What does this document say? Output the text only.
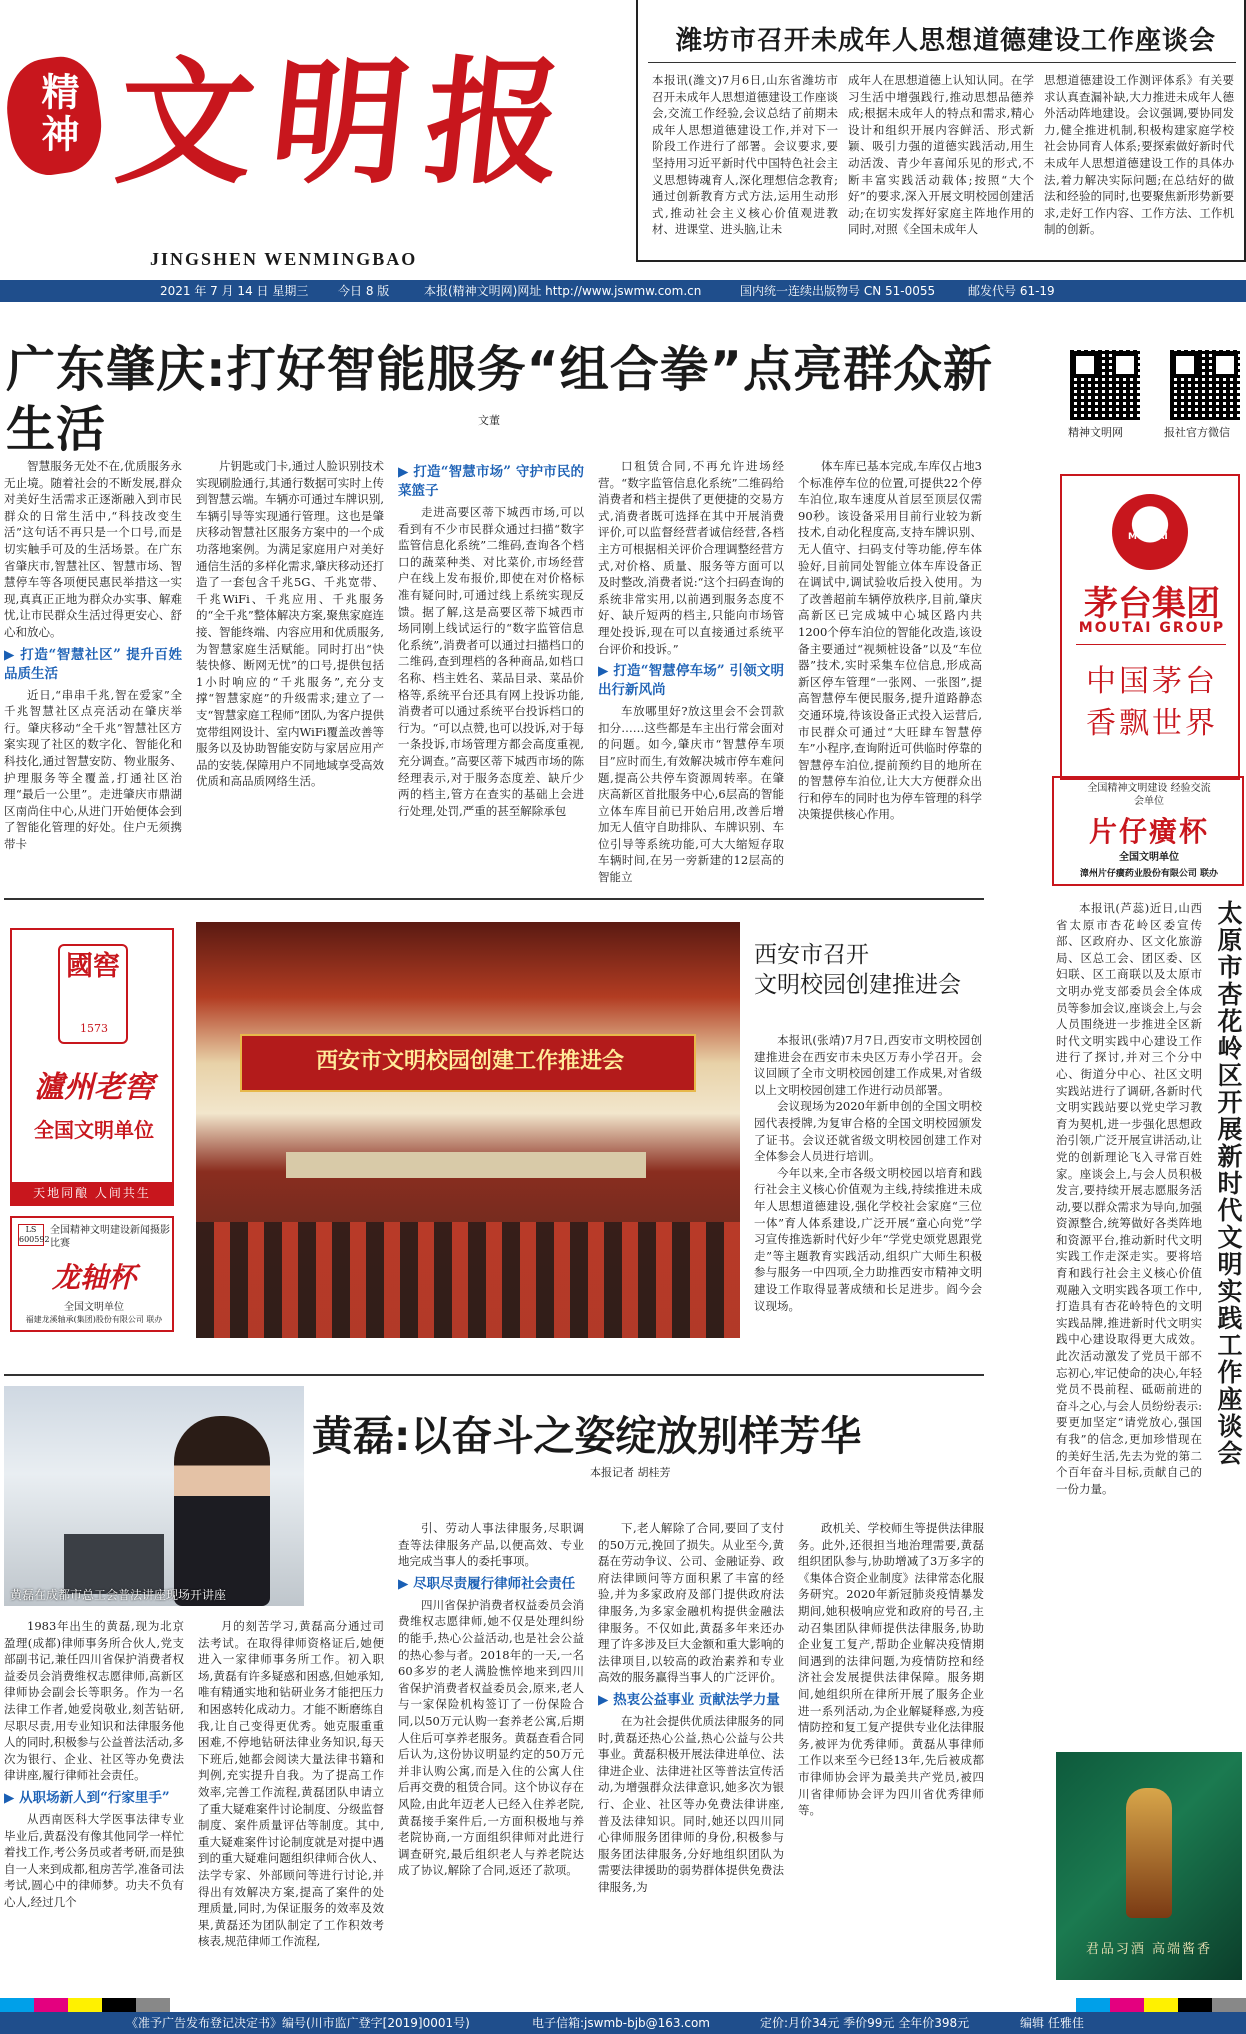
精神 文明报
JINGSHEN WENMINGBAO
潍坊市召开未成年人思想道德建设工作座谈会
本报讯(潍文)7月6日,山东省潍坊市召开未成年人思想道德建设工作座谈会,交流工作经验,会议总结了前期未成年人思想道德建设工作,并对下一阶段工作进行了部署。会议要求,要坚持用习近平新时代中国特色社会主义思想铸魂育人,深化理想信念教育;通过创新教育方式方法,运用生动形式,推动社会主义核心价值观进教材、进课堂、进头脑,让未
成年人在思想道德上认知认同。在学习生活中增强践行,推动思想品德养成;根据未成年人的特点和需求,精心设计和组织开展内容鲜活、形式新颖、吸引力强的道德实践活动,用生动活泼、青少年喜闻乐见的形式,不断丰富实践活动载体;按照“大个好”的要求,深入开展文明校园创建活动;在切实发挥好家庭主阵地作用的同时,对照《全国未成年人
思想道德建设工作测评体系》有关要求认真查漏补缺,大力推进未成年人德外活动阵地建设。会议强调,要协同发力,健全推进机制,积极构建家庭学校社会协同育人体系;要探索做好新时代未成年人思想道德建设工作的具体办法,着力解决实际问题;在总结好的做法和经验的同时,也要聚焦新形势新要求,走好工作内容、工作方法、工作机制的创新。
2021 年 7 月 14 日 星期三 今日 8 版	本报(精神文明网)网址 http://www.jswmw.com.cn	国内统一连续出版物号 CN 51-0055	邮发代号 61-19
广东肇庆:打好智能服务“组合拳”点亮群众新生活	文董

智慧服务无处不在,优质服务永无止境。随着社会的不断发展,群众对美好生活需求正逐渐融入到市民群众的日常生活中,“科技改变生活”这句话不再只是一个口号,而是切实触手可及的生活场景。在广东省肇庆市,智慧社区、智慧市场、智慧停车等各项便民惠民举措这一实现,真真正正地为群众办实事、解难忧,让市民群众生活过得更安心、舒心和放心。

▶ 打造“智慧社区” 提升百姓品质生活

近日,“串串千兆,智在爱家”全千兆智慧社区点亮活动在肇庆举行。肇庆移动“全千兆”智慧社区方案实现了社区的数字化、智能化和科技化,通过智慧安防、物业服务、护理服务等全覆盖,打通社区治理“最后一公里”。走进肇庆市鼎湖区南尚住中心,从进门开始便体会到了智能化管理的好处。住户无须携带卡

片钥匙或门卡,通过人脸识别技术实现刷脸通行,其通行数据可实时上传到智慧云端。车辆亦可通过车牌识别,车辆引导等实现通行管理。这也是肇庆移动智慧社区服务方案中的一个成功落地案例。为满足家庭用户对美好通信生活的多样化需求,肇庆移动还打造了一套包含千兆5G、千兆宽带、千兆WiFi、千兆应用、千兆服务的“全千兆”整体解决方案,聚焦家庭连接、智能终端、内容应用和优质服务,为智慧家庭生活赋能。同时打出“快装快修、断网无忧”的口号,提供包括1小时响应的“千兆服务”,充分支撑“智慧家庭”的升级需求;建立了一支“智慧家庭工程师”团队,为客户提供宽带组网设计、室内WiFi覆盖改善等服务以及协助智能安防与家居应用产品的安装,保障用户不同地域享受高效优质和高品质网络生活。

▶ 打造“智慧市场” 守护市民的菜篮子

走进高要区蒂下城西市场,可以看到有不少市民群众通过扫描“数字监管信息化系统”二维码,查询各个档口的蔬菜种类、对比菜价,市场经营户在线上发布报价,即使在对价格标准有疑问时,可通过线上系统实现反馈。据了解,这是高要区蒂下城西市场同刚上线试运行的“数字监管信息化系统”,消费者可以通过扫描档口的二维码,查到理档的各种商品,如档口名称、档主姓名、菜品目录、菜品价格等,系统平台还具有网上投诉功能,消费者可以通过系统平台投诉档口的行为。“可以点赞,也可以投诉,对于每一条投诉,市场管理方都会高度重视,充分调查。”高要区蒂下城西市场的陈经理表示,对于服务态度差、缺斤少两的档主,管方在查实的基础上会进行处理,处罚,严重的甚至解除承包

口租赁合同,不再允许进场经营。“数字监管信息化系统”二维码给消费者和档主提供了更便捷的交易方式,消费者既可选择在其中开展消费评价,可以监督经营者诚信经营,各档主方可根据相关评价合理调整经营方式,对价格、质量、服务等方面可以及时整改,消费者说:“这个扫码查询的系统非常实用,以前遇到服务态度不好、缺斤短两的档主,只能向市场管理处投诉,现在可以直接通过系统平台评价和投诉。”

▶ 打造“智慧停车场” 引领文明出行新风尚

车放哪里好?放这里会不会罚款扣分……这些都是车主出行常会面对的问题。如今,肇庆市“智慧停车项目”应时而生,有效解决城市停车难问题,提高公共停车资源周转率。在肇庆高新区首批服务中心,6层高的智能立体车库目前已开始启用,改善后增加无人值守自助排队、车牌识别、车位引导等系统功能,可大大缩短存取车辆时间,在另一旁新建的12层高的智能立

体车库已基本完成,车库仅占地3个标准停车位的位置,可提供22个停车泊位,取车速度从首层至顶层仅需90秒。该设备采用目前行业较为新技术,自动化程度高,支持车牌识别、无人值守、扫码支付等功能,停车体验好,目前同处智能立体车库设备正在调试中,调试验收后投入使用。为了改善超前车辆停放秩序,目前,肇庆高新区已完成城中心城区路内共1200个停车泊位的智能化改造,该设备主要通过“视频桩设备”以及“车位器”技术,实时采集车位信息,形成高新区停车管理“一张网、一张图”,提高智慧停车便民服务,提升道路静态交通环境,待该设备正式投入运营后,市民群众可通过“大旺肆车智慧停车”小程序,查询附近可供临时停靠的智慧停车泊位,提前预约目的地所在的智慧停车泊位,让大大方便群众出行和停车的同时也为停车管理的科学决策提供核心作用。

精神文明网	报社官方微信
MOUTAI
茅台集团
MOUTAI GROUP
中国茅台
香飘世界
全国精神文明建设 经验交流会单位
片仔癀杯
全国文明单位
漳州片仔癀药业股份有限公司 联办
國窖
1573
瀘州老窖
全国文明单位
天地同酿 人间共生
LS 600592
全国精神文明建设新闻摄影比赛
龙轴杯
全国文明单位
福建龙溪轴承(集团)股份有限公司 联办
西安市文明校园创建工作推进会
西安市召开
文明校园创建推进会

本报讯(张靖)7月7日,西安市文明校园创建推进会在西安市未央区万寿小学召开。会议回顾了全市文明校园创建工作成果,对省级以上文明校园创建工作进行动员部署。

会议现场为2020年新申创的全国文明校园代表授牌,为复审合格的全国文明校园颁发了证书。会议还就省级文明校园创建工作对全体参会人员进行培训。

今年以来,全市各级文明校园以培育和践行社会主义核心价值观为主线,持续推进未成年人思想道德建设,强化学校社会家庭“三位一体”育人体系建设,广泛开展“童心向党”学习宣传推选新时代好少年“学党史颂党恩跟党走”等主题教育实践活动,组织广大师生积极参与服务一中四项,全力助推西安市精神文明建设工作取得显著成绩和长足进步。阎今会议现场。	太原市杏花岭区开展新时代文明实践工作座谈会

本报讯(芦蕊)近日,山西省太原市杏花岭区委宣传部、区政府办、区文化旅游局、区总工会、团区委、区妇联、区工商联以及太原市文明办党支部委员会全体成员等参加会议,座谈会上,与会人员围绕进一步推进全区新时代文明实践中心建设工作进行了探讨,并对三个分中心、街道分中心、社区文明实践站进行了调研,各新时代文明实践站要以党史学习教育为契机,进一步强化思想政治引领,广泛开展宣讲活动,让党的创新理论飞入寻常百姓家。座谈会上,与会人员积极发言,要持续开展志愿服务活动,要以群众需求为导向,加强资源整合,统筹做好各类阵地和资源平台,推动新时代文明实践工作走深走实。要将培育和践行社会主义核心价值观融入文明实践各项工作中,打造具有杏花岭特色的文明实践品牌,推进新时代文明实践中心建设取得更大成效。此次活动激发了党员干部不忘初心,牢记使命的决心,年轻党员不畏前程、砥砺前进的奋斗之心,与会人员纷纷表示:要更加坚定“请党放心,强国有我”的信念,更加珍惜现在的美好生活,先去为党的第二个百年奋斗目标,贡献自己的一份力量。

君品习酒 高端酱香
黄磊在成都市总工会普法讲座现场开讲座
黄磊:以奋斗之姿绽放别样芳华
本报记者 胡桂芳

1983年出生的黄磊,现为北京盈理(成都)律师事务所合伙人,党支部副书记,兼任四川省保护消费者权益委员会消费维权志愿律师,高新区律师协会副会长等职务。作为一名法律工作者,她爱岗敬业,刻苦钻研,尽职尽责,用专业知识和法律服务他人的同时,积极参与公益普法活动,多次为银行、企业、社区等办免费法律讲座,履行律师社会责任。

▶ 从职场新人到“行家里手”

从西南医科大学医事法律专业毕业后,黄磊没有像其他同学一样忙着找工作,考公务员或者考研,而是独自一人来到成都,租房苦学,准备司法考试,圆心中的律师梦。功夫不负有心人,经过几个

月的刻苦学习,黄磊高分通过司法考试。在取得律师资格证后,她便进入一家律师事务所工作。初入职场,黄磊有许多疑惑和困惑,但她承知,唯有精通实地和钻研业务才能把压力和困惑转化成动力。才能不断磨练自我,让自己变得更优秀。她克服重重困难,不停地钻研法律业务知识,每天下班后,她都会阅读大量法律书籍和判例,充实提升自我。为了提高工作效率,完善工作流程,黄磊团队申请立了重大疑难案件讨论制度、分级监督制度、案件质量评估等制度。其中,重大疑难案件讨论制度就是对提中遇到的重大疑难问题组织律师合伙人、法学专家、外部顾问等进行讨论,并得出有效解决方案,提高了案件的处理质量,同时,为保证服务的效率及效果,黄磊还为团队制定了工作积效考核表,规范律师工作流程,

引、劳动人事法律服务,尽职调查等法律服务产品,以便高效、专业地完成当事人的委托事项。

▶ 尽职尽责履行律师社会责任

四川省保护消费者权益委员会消费维权志愿律师,她不仅是处理纠纷的能手,热心公益活动,也是社会公益的热心参与者。2018年的一天,一名60多岁的老人满脸憔悴地来到四川省保护消费者权益委员会,原来,老人与一家保险机构签订了一份保险合同,以50万元认购一套养老公寓,后期人住后可享养老服务。黄磊查看合同后认为,这份协议明显约定的50万元并非认购公寓,而是入住的公寓人住后再交费的租赁合同。这个协议存在风险,由此年迈老人已经入住养老院,黄磊接手案件后,一方面积极地与养老院协商,一方面组织律师对此进行调查研究,最后组织老人与养老院达成了协议,解除了合同,返还了款项。

下,老人解除了合同,要回了支付的50万元,挽回了损失。从业至今,黄磊在劳动争议、公司、金融证券、政府法律顾问等方面积累了丰富的经验,并为多家政府及部门提供政府法律服务,为多家金融机构提供金融法律服务。不仅如此,黄磊多年来还办理了许多涉及巨大金额和重大影响的法律项目,以较高的政治素养和专业高效的服务赢得当事人的广泛评价。

▶ 热衷公益事业 贡献法学力量

在为社会提供优质法律服务的同时,黄磊还热心公益,热心公益与公共事业。黄磊积极开展法律进单位、法律进企业、法律进社区等普法宣传活动,为增强群众法律意识,她多次为银行、企业、社区等办免费法律讲座,普及法律知识。同时,她还以四川同心律师服务团律师的身份,积极参与服务团法律服务,分好地组织团队为需要法律援助的弱势群体提供免费法律服务,为

政机关、学校师生等提供法律服务。此外,还很担当地治理需要,黄磊组织团队参与,协助增减了3万多字的《集体合资企业制度》法律常态化服务研究。2020年新冠肺炎疫情暴发期间,她积极响应党和政府的号召,主动召集团队律师提供法律服务,协助企业复工复产,帮助企业解决疫情期间遇到的法律问题,为疫情防控和经济社会发展提供法律保障。服务期间,她组织所在律所开展了服务企业进一系列活动,为企业解疑释惑,为疫情防控和复工复产提供专业化法律服务,被评为优秀律师。黄磊从事律师工作以来至今已经13年,先后被成都市律师协会评为最美共产党员,被四川省律师协会评为四川省优秀律师等。

《准予广告发布登记决定书》编号(川市监广登字[2019]0001号)	电子信箱:jswmb-bjb@163.com	定价:月价34元 季价99元 全年价398元	编辑 任雅佳
